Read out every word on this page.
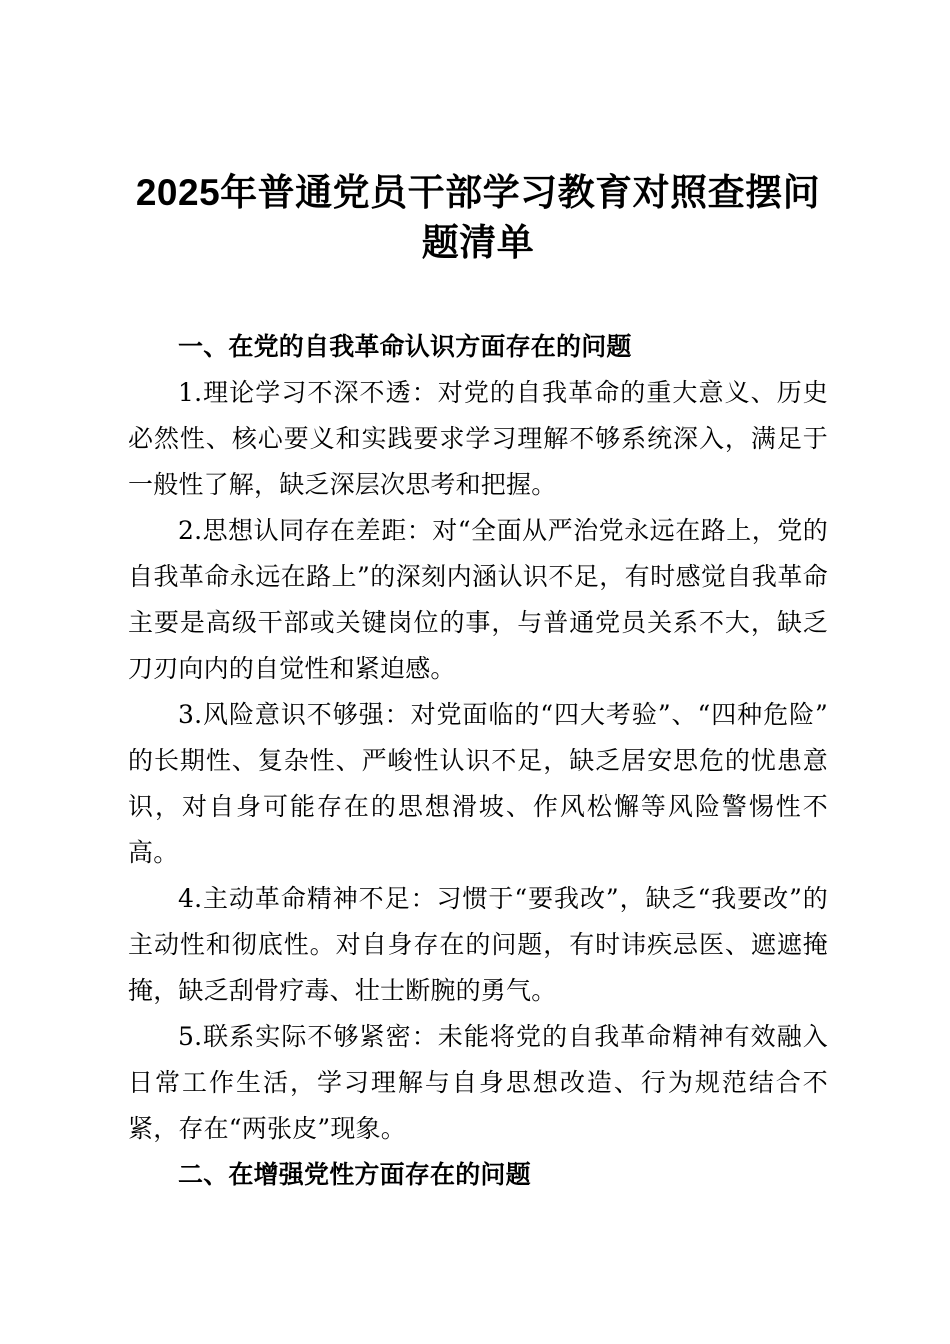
2025年普通党员干部学习教育对照查摆问题清单
一、在党的自我革命认识方面存在的问题

1.理论学习不深不透：对党的自我革命的重大意义、历史必然性、核心要义和实践要求学习理解不够系统深入，满足于一般性了解，缺乏深层次思考和把握。

2.思想认同存在差距：对“全面从严治党永远在路上，党的自我革命永远在路上”的深刻内涵认识不足，有时感觉自我革命主要是高级干部或关键岗位的事，与普通党员关系不大，缺乏刀刃向内的自觉性和紧迫感。

3.风险意识不够强：对党面临的“四大考验”、“四种危险”的长期性、复杂性、严峻性认识不足，缺乏居安思危的忧患意识，对自身可能存在的思想滑坡、作风松懈等风险警惕性不高。

4.主动革命精神不足：习惯于“要我改”，缺乏“我要改”的主动性和彻底性。对自身存在的问题，有时讳疾忌医、遮遮掩掩，缺乏刮骨疗毒、壮士断腕的勇气。

5.联系实际不够紧密：未能将党的自我革命精神有效融入日常工作生活，学习理解与自身思想改造、行为规范结合不紧，存在“两张皮”现象。

二、在增强党性方面存在的问题
